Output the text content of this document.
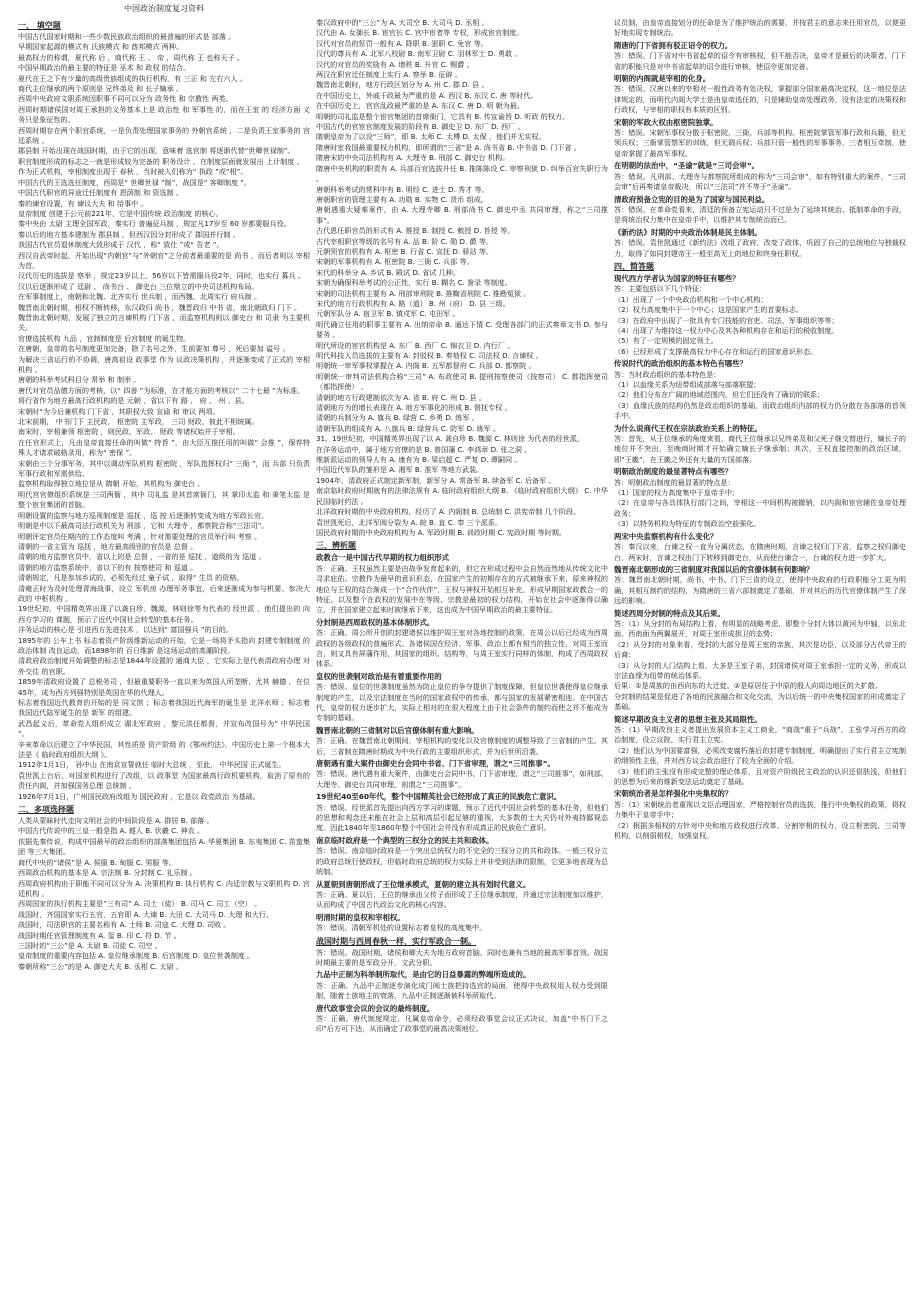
中国政治制度复习资料
一、 填空题

中国古代国家时期和一些少数民族政治组织的最普遍的形式是 部落 。

早期国家起源的模式有 氏族模式 和 酋邦模式 两种。

最高权力的称谓，夏代称 后 ，商代称 王 、 帝 ，周代称 王 也称天子 。

中国早期政治的最主要的特征是 巫术 和 政权 的结合。

夏代在王之下有少量的高级贵族组成的执行机构，有 三正 和 左右六人 。

商代主位继承的两个原则是 兄终弟及 和 长子嫡承 。

西周中央政府文职系统因职事不同可以分为 政务性 和 宗教性 两类。

西周时期诸侯国对周王承担的义务基本上是 政治性 和 军事性 的，而在王室 的 经济方面 义务只是象征性的。

西周时期存在两个职官系统，一是负责处理国家事务的 外朝官系统 ，二是负责王室事务的 宫廷系统 。

郡县制 开始出现在战国时期，由于它的出现，意味着 选官制 将逐渐代替“世卿世禄制”。

职官制度形成的标志之一就是形成较为完备的 职务设计 ，在制度层面就发展出 上计制度 。

作为正式机构，宰相制度出现于 春秋 ，当时被人们称为“ 执政 ”或“相”。

中国古代的王选选任制度，西周是“ 世卿世禄 ”制”，战国是“ 客卿制度 ”。

中国古代职官的异途迁任制度有 恩荫制 和 资选制 。

秦的谏官设置，有 谏议大夫 和 给事中 。

皇帝制度 创建于公元前221年，它是中国传统 政治制度 的核心。

秦中央由 太尉 主理全国军政，秦实行 普遍征兵制 ，规定凡17岁至 60 岁都要服兵役。

秦以后的地方基本建制为 郡县制 ，但西汉因分封形成了 郡国并行制 。

我国古代官员退休制度大致形成于 汉代 ，称“ 致仕 ”或“ 告老 ”。

西汉自武帝时起，开始出现“内朝官”与“外朝官”之分前者最重要的是 尚书 ，而后者则以 宰相 为首。

汉代历史的选拔是 察举 ，规定23岁以上，56岁以下皆需服兵役2年，同时，也实行 募兵 。

汉以后逐渐形成了 廷尉 、 尚书台 、 御史台 三位鼎立的中央司法机构布局。

在军事制度上，南朝和北魏、北齐实行 世兵制 ，而西魏、北周实行 府兵制 。

魏晋南北朝时期，相权不断转移，东汉政归 尚书 ，魏晋政归 中书 省，南北朝政归 门下 。

魏晋南北朝时期，发展了独立的言谏机构 门下省 ，而监察机构则以 御史台 和 司隶 为主要机关。

官僚选拔机构 九品 ，官制制度是 后宫制度 的诞生物。

在唐朝，皇帝的名号制度更加完备，除了名号之外，生前要加 尊号 ，死后要加 谥号 。

为解决三省运行的不协调，唐高祖设 政事堂 作为 议政决策机构 ，并逐渐变成了正式的 宰相机构 。

唐朝的科举考试科目分 常举 和 制举 。

唐代对官员品德方面的考核，以“ 四善 ”为标准，在才能方面的考核以“ 二十七最 ”为标准。

将行省作为地方最高行政机构的是 元朝 ，省以下有 路 、 府 、 州 、县。

宋朝时“为今后兼机构 门下省 ，其职权大致 宣谕 和 审议 两项。

北宋前期， 中书门下 主民政， 枢密院 主军政， 三司 财政，彼此不相统属。

南宋时，宰相兼领 枢密院 ，则民政、军政、 财政 等诸权始并于宰相。

在任官形式上，凡由皇帝直接任命的叫做“ 特旨 ”，由大臣互推任用的叫做“ 会推 ”，保荐特殊人才请求破格录用，称为“ 密保 ”。

宋朝由三个分事军务，其中以调动军队机构 枢密院 ，军队指挥权归“ 三衙 ”，而 兵部 只负责军事行政和军需供给。

监察机构取得独立地位是从 隋朝 开始，其机构为 御史台 。

明代宫官僚组织系统是 三司两衙 ，其中 司礼监 是其首席衙门，其 掌印太监 和 秉笔太监 是整个宦官集团的首脑。

明朝设置的监察与地方巡视制度是 巡抚 ，巡 按 后逐渐转变成为地方军政长官。

明朝是中以下最高司法行政机关为 刑部 ，它和 大理寺 ，都察院合称“三法司”。

明朝评定官员任期内的工作态度叫 考满 ，针对需要处理的官员举行叫 考察 。

清朝的一省主管为 巡抚 ，地方最高级别的官员是 总督 。

清朝的地方监察官员中，省以上的是 总督 ，一省的是 巡抚 ，道级的为 巡道 。

清朝的地方监察系统中，省以下的有 按察使司 和 巡道 。

清朝规定，凡是参加乡试的，必须先经过 童子试 ，取得“ 生员 的资格。

清雍正时为及时处理青海战事，设立 军机房 办理军务事宜，后来逐渐成为参与机要、参决大政的 中枢机构 。

19世纪初，中国精英界出现了以龚自珍、魏源、林则徐等为代表的 经世派 ，他们提出的 向西方学习的 课题，预示了近代中国社会转型的基本任务。

洋务运动的核心是 引进西方先进技术 ，以达到“ 富国强兵 ”的目的。

1895年的 公车上书 标志着资产阶级维新运动的开始，它是一场将矛头指向 封建专制制度 的 政治体制 改良运动，而1898年的 百日维新 是这场运动的高潮阶段。

清政府政治制度开始调整的标志是1844年设置的 通商大臣 ，它实际上是代表清政府办理 对外交往 的官职。

1859年清政府设置了 总税务司 ，但最重要职务一直以来为英国人所垄断，尤其 赫德 ，在位45年，成为西方列强特别是英国在华的代理人。

标志着我国近代教育的开始的是 同文馆 ；标志着我国近代海军的诞生是 北洋水师 ；标志着我国近代陆军诞生的是 新军 的组建。

武昌起义后，革命党人组织成立 湖北军政府 ，黎元洪任都督，并宣布改国号为“ 中华民国 ”。

辛亥革命以后建立了中华民国，其性质是 资产阶级 的《鄂州约法》，中国历史上第一个根本大法是《 临时政府组织大纲 》。

1912年1月1日， 孙中山 在南京宣誓就任 临时大总统 ，至此， 中华民国 正式诞生。

袁世凯上台后，对国家机构进行了改组，以 政事堂 为国家最高行政机要机构，取消了原有的责任内阁，并加强国务总理 总统制 。

1926年7月1日，广州国民政府改组为 国民政府 ，它是以 政党政治 为基础。

二、多项选择题

人类从蒙昧时代走向文明社会的中间阶段是 A. 群居 B. 部落 。

中国古代传说中的三皇一般是指 A. 燧人 B. 伏羲 C. 神农 。

依据先秦传说，构成中国最早的政治组织的部落集团包括 A. 华夏集团 B. 东夷集团 C. 苗蛮集团 等三大集团。

商代中央的“诸侯”是 A. 侯服 B. 甸服 C. 男服 等。

西周政治机构的基本是 A. 宗法制 B. 分封制 C. 礼乐制 。

西周政府机构由于职能不同可以分为 A. 决策机构 B. 执行机构 C. 内廷宗教与文职机构 D. 宫廷机构 。

西周国家的执行机构主要是“三有司” A. 司土（徒） B. 司马 C. 司工（空） 。

战国时，齐国国家实行五官，五官即 A. 大谏 B. 大田 C. 大司马 D. 大理 和大行。

战国时，司法职官的主要名称有 A. 士师 B. 司寇 C. 大理 D. 司败 。

战国时期任官管理制度有 A. 玺 B. 印 C. 符 D. 节 。

三国时的“三公”是 A. 太尉 B. 司徒 C. 司空 。

皇帝制度的重要内容包括 A. 皇位继承制度 B. 后宫制度 D. 皇位世袭制度 。

秦朝所称“三公”的是 A. 御史大夫 B. 丞相 C. 太尉 。

秦汉政府中的“三公”为 A. 大司空 B. 大司马 D. 丞相 。

汉代由 A. 女御长 B. 宦官长 C. 宫中宦者等 专权，形成宦官制度。

汉代对官员的惩罚一般有 A. 降职 B. 罢职 C. 免官 等。

汉代的尊兵有 A. 北军八校尉 B. 南军卫尉 C. 羽林军士 D. 勇敢 。

汉代的对官员的奖励有 A. 增秩 B. 升官 C. 赐爵 。

两汉在职官迁任制度上实行 A. 察举 B. 征辟 。

魏晋南北朝时，地方行政区划分为 A. 州 C. 郡 D. 县 。

在中国历史上，外戚干政最为严重的是 A. 西汉 B. 东汉 C. 唐 等时代。

在中国历史上，官官乱政最严重的是 A. 东汉 C. 唐 D. 明 朝为最。

明朝的司礼监是整个宦官集团的首席衙门，它具有 B. 传宣谕旨 D. 听政 的权力。

中国古代的官宦官制度发展的阶段有 B. 御史卫 D. 东厂 D. 西厂 。

隋朝皇帝为了以设“三师”，即 B. 太师 C. 太傅 D. 太保 ，他们并无实权。

隋唐时室我国最重要权力机构，即所谓的“三省”是 A. 尚书省 B. 中书省 D. 门下省 。

隋唐宋的中央司法机构有 A. 大理寺 B. 刑部 C. 御史台 机构。

隋唐中央机构的职责有 A. 兵部百官选拔升任 B. 推陈陈设 C. 审察刑狱 D. 纠举百官失职行为 。

唐朝科举考试的常科中有 B. 明经 C. 进士 D. 秀才 等。

唐朝职官的管理主要有 A. 功勋 B. 实物 C. 货币 组成。

唐朝遇重大疑难案件，由 A. 大理寺卿 B. 刑部尚书 C. 御史中丞 共同审理，称之“三司推事”。

古代恩任职官员的形式有 A. 推授 B. 制授 C. 敕授 D. 旨授 等。

古代宰相职官等级的名号有 A. 品 B. 阶 C. 勋 D. 爵 等。

元朝领官的机构有 A. 枢密 B. 行省 C. 宣抚 D. 驿站 等。

宋朝的军事机构有 A. 枢密院 B. 三衙 C. 兵部 等。

宋代的科举分 A. 乡试 B. 殿试 D. 省试 几种。

宋朝为确保科举考试的公正性，实行 B. 糊名 C. 誊录 等制度。

宋朝的司法机构主要有 A. 刑部审刑院 B. 推鞫省刑院 C. 推勘冤狱 。

宋代的地方行政机构有 A. 路（道） B. 州（府） D. 县 三级。

元朝军队分 A. 宿卫军 B. 镇戍军 C. 屯田军 。

明代确立任用的职事主要有 A. 出纳帝命 B. 通达下情 C. 受理各部门的正式奏章文书 D. 参与要务 。

明代所设的宦官机构是 A. 东厂 B. 西厂 C. 锦衣卫 D. 内行厂 。

明代科技人员选拔的主要有 A. 封驳权 B. 奏劾权 C. 司法权 D. 言谏权 。

明朝统一审军事权掌握在 A. 内阁 B. 五军都督府 C. 兵部 D. 都察院 。

明朝统一审判司法机构合称“三司” A. 布政使司 B. 提刑按察使司（按察司） C. 都指挥使司（都指挥使） 。

清朝的地方行政建制依次为 A. 省 B. 府 C. 州 D. 县 。

清朝地方为的增长表现在 A. 地方军事化的形成 B. 督抚专权 。

清朝的兵制分为 A. 旗兵 B. 绿营 C. 乡勇 D. 练军 。

清朝军队的组成有 A. 八旗兵 B. 绿营兵 C. 防军 D. 练军 。

31、19世纪初，中国精英界出现了以 A. 龚自珍 B. 魏源 C. 林则徐 为代表的经世派。

在洋务运动中，属于地方官僚的是 B. 曾国藩 C. 李鸿章 D. 张之洞 。

维新派运动的领导人有 A. 康有为 B. 梁启超 C. 严复 D. 谭嗣同 。

中国近代军队的雏形是 A. 湘军 B. 淮军 等地方武装。

1904年，清政府正式制定新军制，新军分 A. 常备军 B. 续备军 C. 后备军 。

南京临时政府时期就有的法律法规有 A. 临时政府组织大纲 B. 《临时政府组织大纲》 C. 中华民国临时约法 。

北洋政府时期的中央政府机构，经历了 A. 内阁制 B. 总统制 C. 洪宪帝制 几个阶段。

袁世凯死后，北洋军阀分裂为 A. 皖 B. 直 C. 奉 三个派系。

国民政府时期的中央政府机构为 A. 军政时期 B. 训政时期 C. 宪政时期 等时期。

三、辨析题
政教合一是中国古代早期的权力组织形式

答：正确。王权虽然主要是由战争发育起来的，但它在形成过程中会自然而然地从传统文化中寻求庇佑。宗教作为最早的意识形态，在国家产生的初期存在的方式被继承下来，原来神权的地位与王权的结合渐成一个“合作伙伴”，王权与神权开始相互补充，形成早期国家政教合一的特征。以及整个在政权的发展中在等级、宗教是最初的权力结构，开始在社会中逐渐得以确立，并在国家建立起来时被继承下来，这也成为中国早期政治的最主要特征。

分封制是西周政权的基本体制形式。

答：正确。周公所开创的封建诸侯以维护周王室对各地控制的政策，在周公以后已经成为西周政权的各级政权的普遍形式。各诸侯国在经济、军事、政治上都有相当的独立性，对周王室而言，则又具有屏藩作用，其国家的组织、结构等，与周王室实行同样的体制，构成了西周政权体系。

皇权的世袭制对政治是有着重要作用的

答：错误。皇位的世袭制度虽然为防止皇位的争夺提供了制度保障，但皇位世袭使得皇位继承制度的产生，以及宗法制度在当时的国家政权中的传承，都与国家的发展紧密相连。在中国古代，皇帝的权力逐步扩大，实际上相对的在很大程度上由于社会条件的制约而使之并不能成为专制的基础。

魏晋南北朝的三省制对以后官僚体制有重大影响。

答：正确。在魏晋南北朝期间，宰相机构的变化以及官僚制度的调整导致了三省制的产生。其后，三省制在隋唐时期成为中央行政的主要组织形式，并为后世所沿袭。

唐朝遇有重大案件由御史台会同中书省、门下省审理，谓之“三司推事”。

答：错误。唐代遇有重大案件，由御史台会同中书、门下省审理，谓之“三司推事”，如刑部、大理寺、御史台共同审理，则谓之“三司推事”。

19世纪40至60年代，整个中国精英社会已经形成了真正的民族危亡意识。

答：错误。经世派首先提出向西方学习的课题，预示了近代中国社会转型的基本任务，但他们的思想和观念还未能在社会上层和高层引起足够的重视，大多数的士大夫仍对外夷持鄙视态度。因此1840年至1860年整个中国社会并没有形成真正的民族危亡意识。

南京临时政府是一个典型的三权分立的民主共和政体。

答：错误。南京临时政府是一个突出总统权力的不完全的三权分立的共和政体。一般三权分立的政府总统行使政权，但临时政府总统的权力实际上并非受到法律的限制，它更多地表现为总统制。

从夏朝到唐朝形成了王位继承模式，夏朝的建立具有划时代意义。

答：正确。夏以后，王位的继承由父传子而形成了王位继承制度，并通过宗法制度加以维护，从而构成了中国古代政治文化的核心内容。

明清时期的皇权和宰相权。

答：错误。清朝军机处的设置标志着皇权的高度集中。

战国时期与西周春秋一样，实行军政合一制。

答：错误。战国时期，诸侯和卿大夫为地方政府首脑，同时也兼有当地的最高军事首领。战国时期最主要的是军政分开，文武分职。

九品中正制为科举制所取代，是由它的日益暴露的弊端所造成的。

答：正确。九品中正制逐步演化成门阀士族把持选官的局面，使得中央政权用人权力受到限制，随着士族地主的衰落，九品中正制逐渐被科举所取代。

唐代政事堂会议的会议的最终制度。

答：正确。唐代制度规定，凡属皇帝命令，必须经政事堂会议正式决议，加盖“中书门下之印”后方可下达，从而确定了政事堂的最高决策地位。

议员制，由皇帝直接划分的任命是为了维护统治的需要，并按君主的意志来任用官员，以便更好地实现专制统治。

隋唐的门下省拥有驳正诏令的权力。

答：错误。门下省对中书省起草的诏令有审核权，但不能否决，皇帝才是最后的决策者，门下省的职能只是对中书省起草的诏令进行审核，使诏令更加完善。

明朝的内阁就是宰相的化身。

答：错误。汉唐以来的宰相对一般性政务有处决权，掌握部分国家最高决定权，这一地位是法律规定的，而明代内阁大学士是由皇帝选任的，只是辅助皇帝处理政务，没有法定的决策权和行政权，与宰相的职权有本质的区别。

宋朝的军政大权由枢密院独掌。

答：错误。宋朝军事权分散于枢密院、三衙、兵部等机构。枢密院掌管军事行政和兵籍，但无领兵权；三衙掌管禁军的训练，但无调兵权；兵部只管一般性的军事事务，三者相互牵制，使皇帝掌握了最高军事权。

在明朝的法治中，“圣谕”就是“三司会审”。

答：错误。凡刑部、大理寺与都察院所组成的称为“三司会审”，如有特别重大的案件，“三司会审”后再奏请皇帝裁决，所以“三法司”并不等于“圣谕”。

清政府预备立宪的目的是为了国家与国民利益。

答：错误。在革命党看来，清廷的预备立宪运动只不过是为了延续其统治、抵制革命的手段，是将统治权力集中在皇帝手中，以维护其专制统治而已。

《新约法》时期的中央政治体制是民主体制。

答：错误。袁世凯通过《新约法》改组了政府，改变了政体，巩固了自己的总统地位与独裁权力，取得了如同封建帝王一般至高无上的地位和终身任职权。

四、简答题
现代西方学者认为国家的特征有哪些？

答：主要包括以下几个特征：

（1）出现了一个中央政治机构和一个中心机构；

（2）权力高度集中于一个中心；这是国家产生的首要标志。

（3）在政府中出现了一批具有专门技能的官吏、司法、军事组织等等；

（4）出现了为维持这一权力中心及其各种机构存在和运行的税收制度。

（5）有了一定规模的固定领土。

（6）已经形成了支撑最高权力中心存在和运行的国家意识形态。

传说时代的政治组织的基本特色有哪些？

答：当时政治组织的基本特色是：

（1）以血缘关系为纽带组成部落与部落联盟；

（2）他们分布在广阔的地域范围内，但它们还没有了确切的联系；

（3）血缘氏族的结构仍然是政治组织的基础，而政治组织内部的权力仍分散在各部落的首领手中。

为什么说商代王权在宗法政治关系上的特征。

答：首先，从王位继承的角度来看，商代王位继承以兄终弟及和父死子继交替进行，嫡长子的地位并不突出，至晚商时期才开始确立嫡长子继承制；其次，王权直接控制的政治区域，即“王畿”，在王畿之外还有大量的方国部落。

明朝政治制度的最显著特点有哪些？

答：明朝政治制度的最显著的特点是：

（1）国家的权力高度集中于皇帝手中；

（2）在皇帝与各具体执行部门之间，宰相这一中间机构被撤销，以内阁和宦官辅佐皇帝处理政务；

（3）以特务机构为特征的专制政治空前强化。

两宋中央监察机构有什么变化？

答：秦汉以来，台谏之权一直为分属状态，在隋唐时期，言谏之权归门下省，监察之权归御史台，两宋时，言谏之权由门下转移到御史台，从而使台谏合一，台谏的权力进一步扩大。

魏晋南北朝形成的三省制度对我国以后的官僚体制有何影响？

答：魏晋南北朝时期，尚书、中书、门下三省的设立，使得中央政府的行政职能分工更为明确，其相互制约的结构，为隋唐的三省六部制奠定了基础，并对其后的历代官僚体制产生了深远的影响。

简述西周分封制的特点及其后果。

答：（1）从分封的布局结构上看，有明显的战略考虑，即整个分封大体以黄河为中轴，以东北面、西南面为两翼展开，对周王室形成拱卫的态势；

（2）从分封的对象来看，受封的大部分是周王室的亲族，其次是功臣，以及部分古代帝王的后裔；

（3）从分封的人门结构上看，大多是王室子弟，封国诸侯对周王室承担一定的义务，形成以宗法血缘为纽带的统治体系。

后果：①是周族的由西向东的大迁徙。②是原居住于中原的殷人向周边地区的大扩散。

分封制的结果是促进了各地的民族融合和文化交流，为以后统一的中央集权国家的形成奠定了基础。

简述早期改良主义者的思想主张及其局限性。

答：（1）早期改良主义者提出发展资本主义工商业，“商战”重于“兵战”，主张学习西方的政治制度，设立议院，实行君主立宪。

（2）他们认为中国要富强，必须改变腐朽落后的封建专制制度，明确提出了实行君主立宪制的纲领性主张，并对西方议会政治进行了较为全面的介绍。

（3）他们的主张没有形成完整的理论体系，且对资产阶级民主政治的认识还很肤浅，但他们的思想为后来的维新变法运动奠定了基础。

宋朝统治者是怎样强化中央集权的？

答：（1）宋朝统治者重视以文臣治理国家，严格控制官员的选拔，推行中央集权的政策，将权力集中于皇帝手中；

（2）根据多相权的方针对中央和地方政权进行改革，分割宰相的权力，设立枢密院、三司等机构，以削弱相权，加强皇权。
